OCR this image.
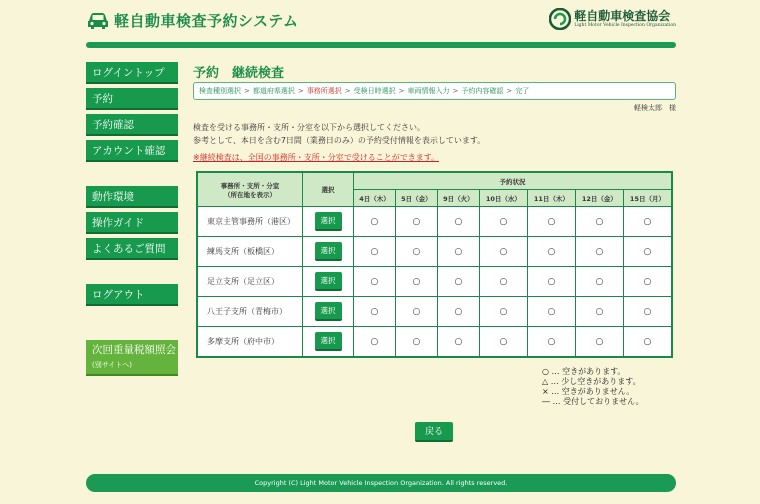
軽自動車検査予約システム	軽自動車検査協会
Light Motor Vehicle Inspection Organization
ログイントップ
予約
予約確認
アカウント確認
動作環境
操作ガイド
よくあるご質問
ログアウト
次回重量税額照会
(別サイトへ)
予約　継続検査
検査種別選択 > 都道府県選択 > 事務所選択 > 受検日時選択 > 車両情報入力 > 予約内容確認 > 完了
軽検太郎　様
検査を受ける事務所・支所・分室を以下から選択してください。
参考として、本日を含む7日間（業務日のみ）の予約受付情報を表示しています。
※継続検査は、全国の事務所・支所・分室で受けることができます。
事務所・支所・分室
（所在地を表示）	選択	予約状況						
		4日（木）	5日（金）	9日（火）	10日（水）	11日（木）	12日（金）	15日（月）
東京主管事務所（港区）	選択	○	○	○	○	○	○	○
練馬支所（板橋区）	選択	○	○	○	○	○	○	○
足立支所（足立区）	選択	○	○	○	○	○	○	○
八王子支所（青梅市）	選択	○	○	○	○	○	○	○
多摩支所（府中市）	選択	○	○	○	○	○	○	○
○ … 空きがあります。
△ … 少し空きがあります。
× … 空きがありません。
― … 受付しておりません。
戻る
Copyright (C) Light Motor Vehicle Inspection Organization. All rights reserved.
